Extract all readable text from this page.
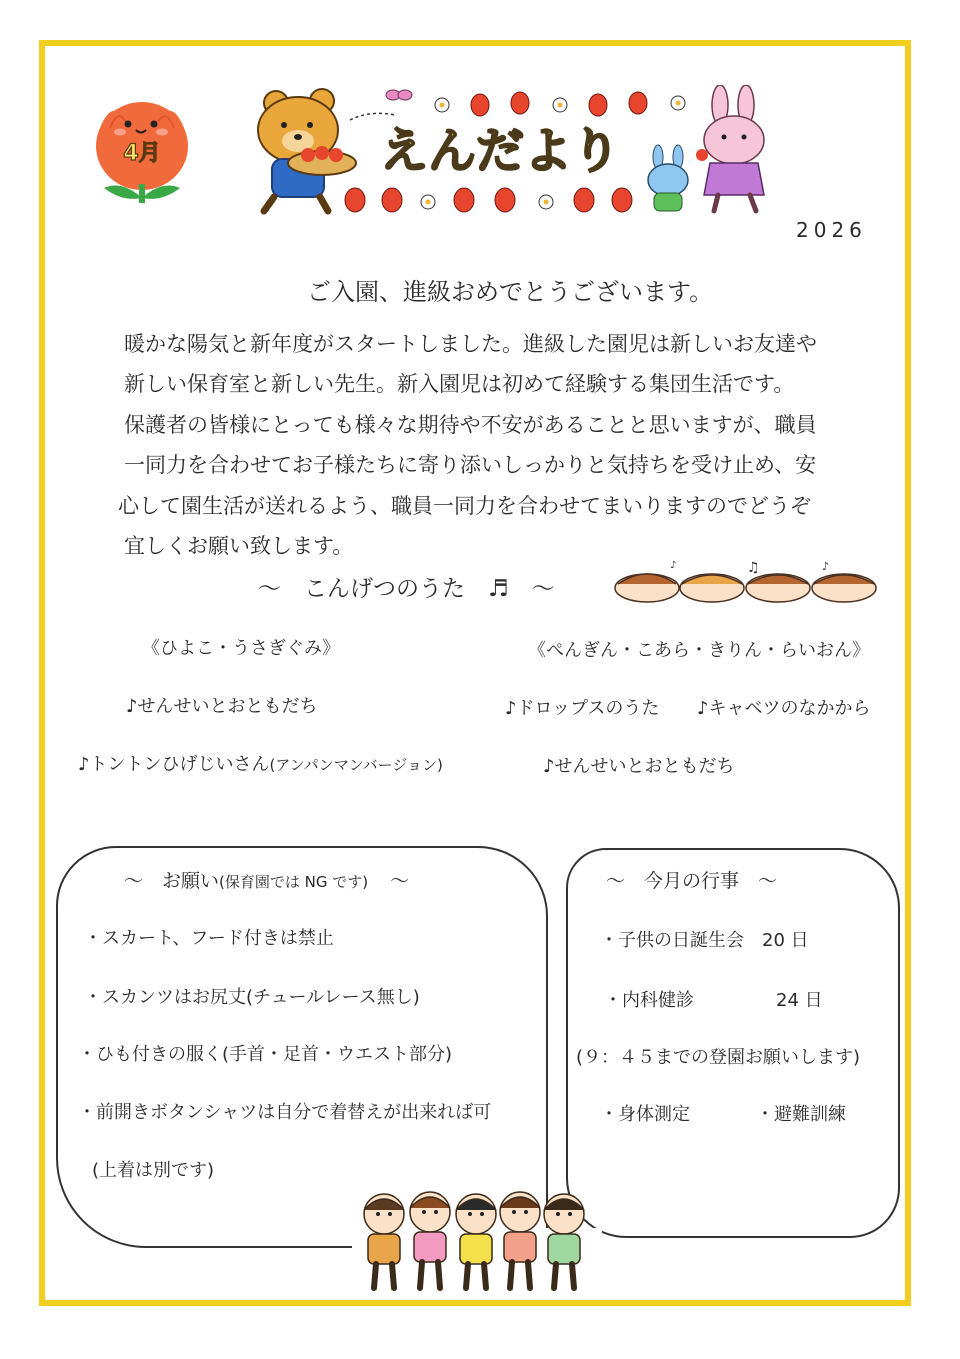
4月	えんだより
2026
ご入園、進級おめでとうございます。
暖かな陽気と新年度がスタートしました。進級した園児は新しいお友達や
新しい保育室と新しい先生。新入園児は初めて経験する集団生活です。
保護者の皆様にとっても様々な期待や不安があることと思いますが、職員
一同力を合わせてお子様たちに寄り添いしっかりと気持ちを受け止め、安
心して園生活が送れるよう、職員一同力を合わせてまいりますのでどうぞ
宜しくお願い致します。
～　こんげつのうた　♬　～
♪	♫	♪
《ひよこ・うさぎぐみ》	《ぺんぎん・こあら・きりん・らいおん》
♪せんせいとおともだち	♪ドロップスのうた ♪キャベツのなかから
♪トントンひげじいさん(アンパンマンバージョン)	♪せんせいとおともだち
～　お願い(保育園では NG です) ～
・スカート、フード付きは禁止
・スカンツはお尻丈(チュールレース無し)
・ひも付きの服く(手首・足首・ウエスト部分)
・前開きボタンシャツは自分で着替えが出来れば可
(上着は別です)
～　今月の行事　～
・子供の日誕生会　20 日
・内科健診	24 日
(９：４５までの登園お願いします)
・身体測定	・避難訓練
